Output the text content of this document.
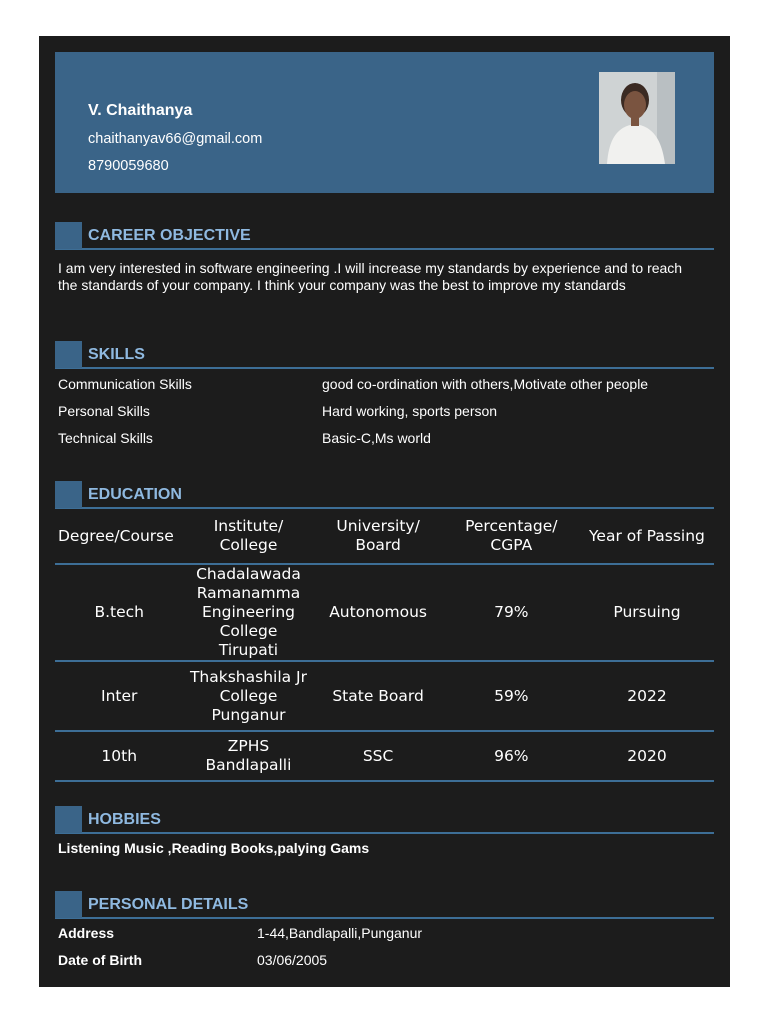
V. Chaithanya
chaithanyav66@gmail.com
8790059680
CAREER OBJECTIVE
I am very interested in software engineering .I will increase my standards by experience and to reach the standards of your company. I think your company was the best to improve my standards
SKILLS
Communication Skills	good co-ordination with others,Motivate other people
Personal Skills	Hard working, sports person
Technical Skills	Basic-C,Ms world
EDUCATION
Degree/Course	Institute/ College	University/ Board	Percentage/ CGPA	Year of Passing
B.tech	Chadalawada Ramanamma Engineering College Tirupati	Autonomous	79%	Pursuing
Inter	Thakshashila Jr College Punganur	State Board	59%	2022
10th	ZPHS Bandlapalli	SSC	96%	2020
HOBBIES
Listening Music ,Reading Books,palying Gams
PERSONAL DETAILS
Address	1-44,Bandlapalli,Punganur
Date of Birth	03/06/2005
